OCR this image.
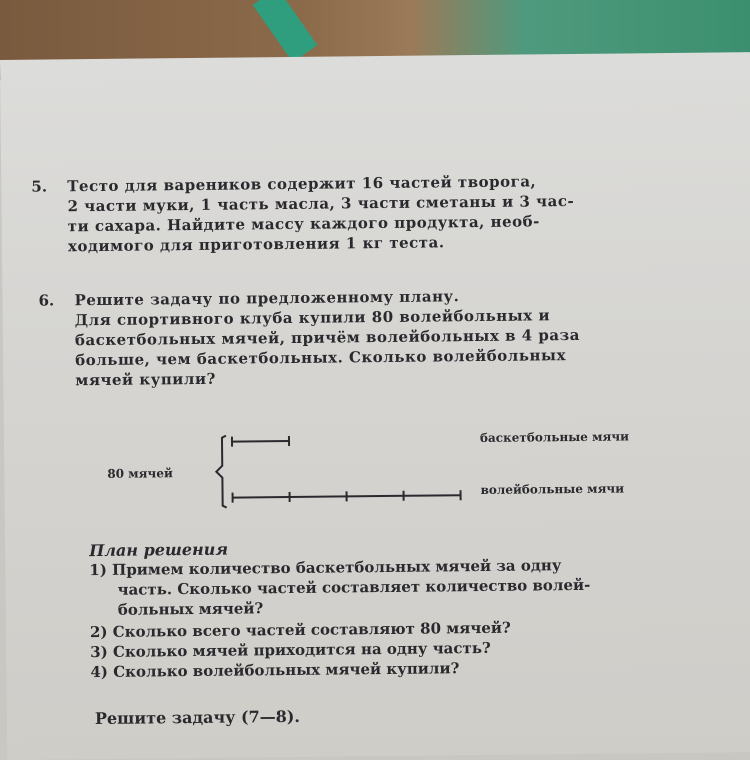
5. Тесто для вареников содержит 16 частей творога,
2 части муки, 1 часть масла, 3 части сметаны и 3 час-
ти сахара. Найдите массу каждого продукта, необ-
ходимого для приготовления 1 кг теста.
6. Решите задачу по предложенному плану.
Для спортивного клуба купили 80 волейбольных и
баскетбольных мячей, причём волейбольных в 4 раза
больше, чем баскетбольных. Сколько волейбольных
мячей купили?
80 мячей
баскетбольные мячи
волейбольные мячи
План решения
1) Примем количество баскетбольных мячей за одну
часть. Сколько частей составляет количество волей-
больных мячей?
2) Сколько всего частей составляют 80 мячей?
3) Сколько мячей приходится на одну часть?
4) Сколько волейбольных мячей купили?
Решите задачу (7—8).
